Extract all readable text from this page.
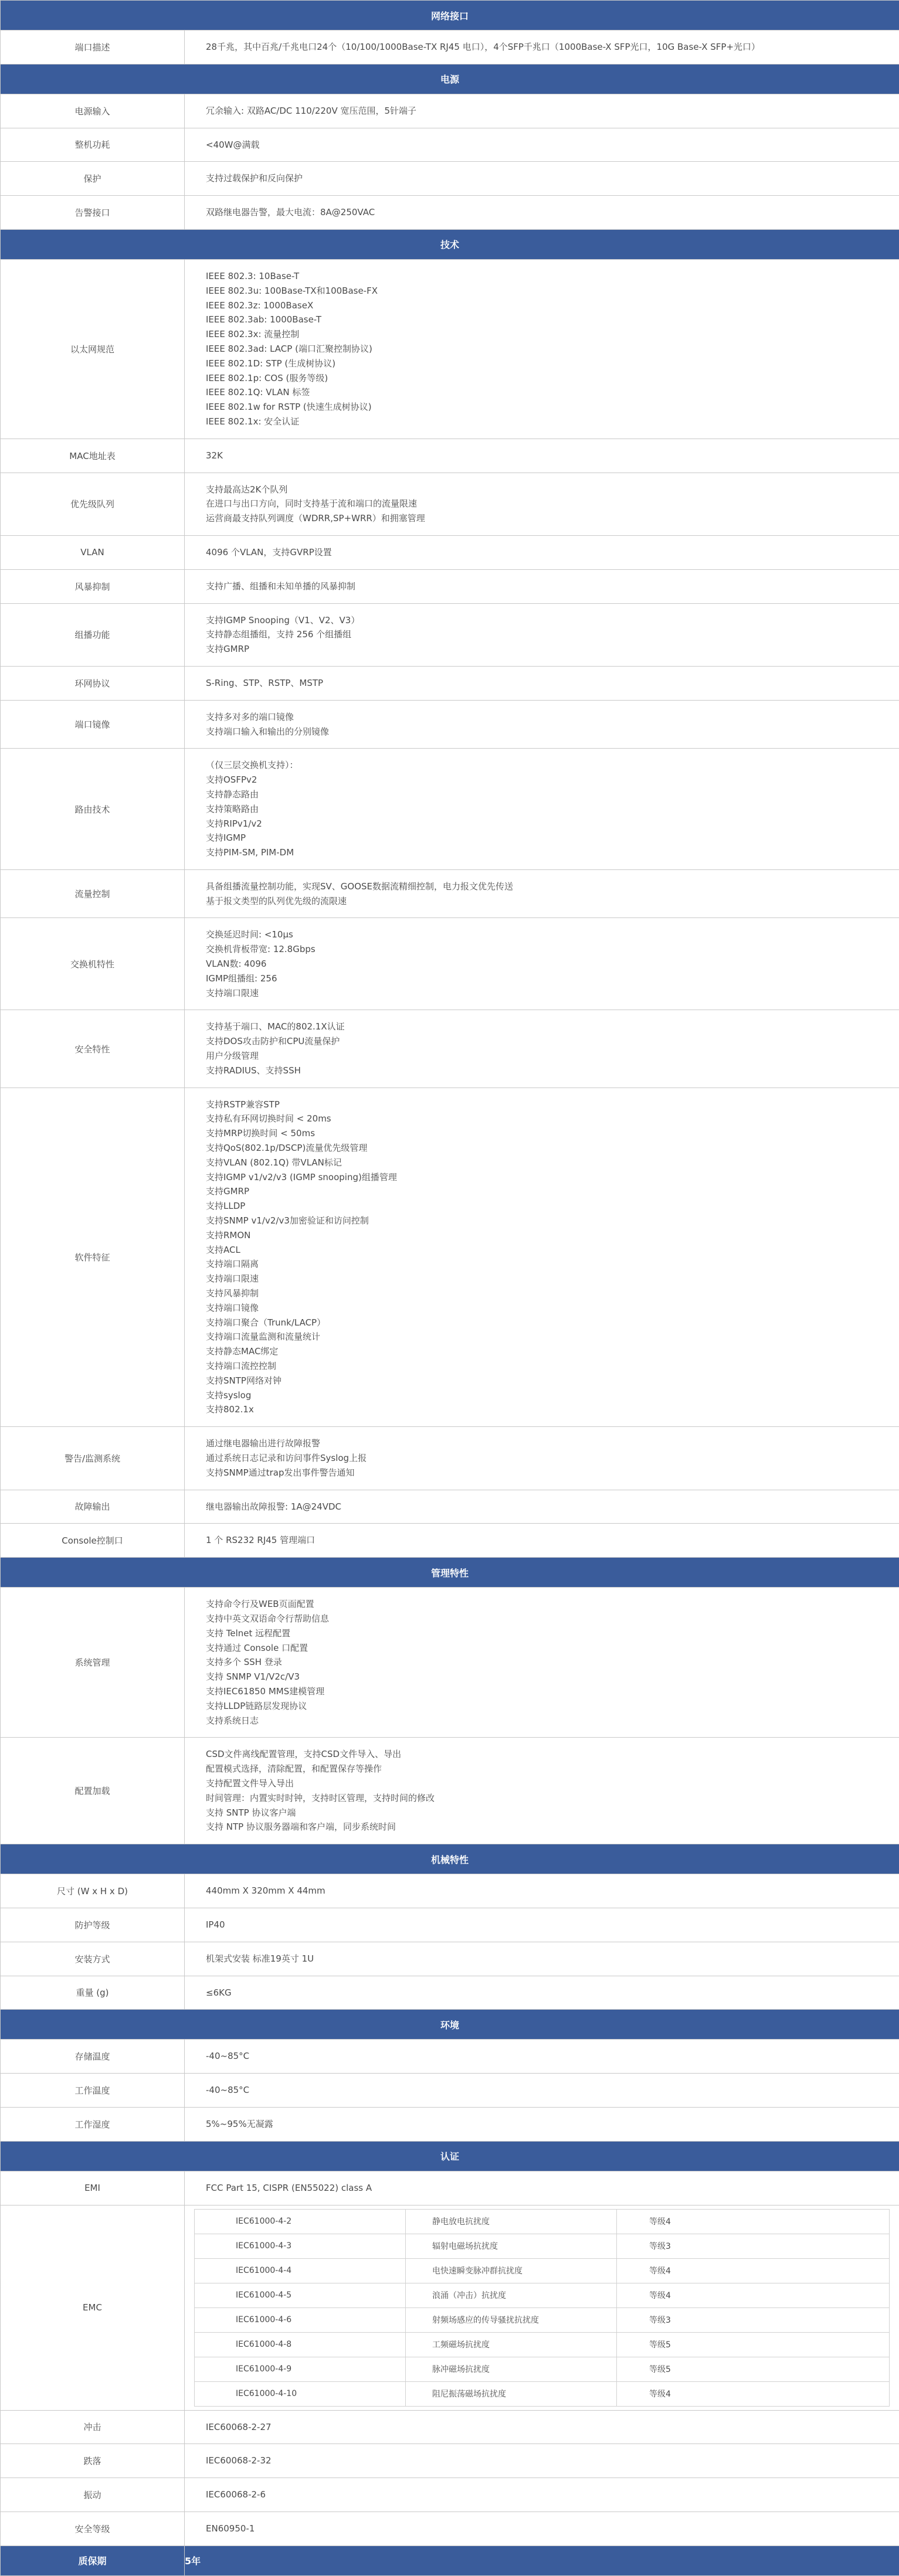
网络接口
端口描述	28千兆，其中百兆/千兆电口24个（10/100/1000Base-TX RJ45 电口），4个SFP千兆口（1000Base-X SFP光口，10G Base-X SFP+光口）

电源
电源输入	冗余输入: 双路AC/DC 110/220V 宽压范围，5针端子

整机功耗	<40W@满载

保护	支持过载保护和反向保护

告警接口	双路继电器告警，最大电流：8A@250VAC

技术
以太网规范	
IEEE 802.3: 10Base-T
IEEE 802.3u: 100Base-TX和100Base-FX
IEEE 802.3z: 1000BaseX
IEEE 802.3ab: 1000Base-T
IEEE 802.3x: 流量控制
IEEE 802.3ad: LACP (端口汇聚控制协议)
IEEE 802.1D: STP (生成树协议)
IEEE 802.1p: COS (服务等级)
IEEE 802.1Q: VLAN 标签
IEEE 802.1w for RSTP (快速生成树协议)
IEEE 802.1x: 安全认证

MAC地址表	32K

优先级队列	
支持最高达2K个队列
在进口与出口方向，同时支持基于流和端口的流量限速
运营商最支持队列调度（WDRR,SP+WRR）和拥塞管理

VLAN	4096 个VLAN，支持GVRP设置

风暴抑制	支持广播、组播和未知单播的风暴抑制

组播功能	
支持IGMP Snooping（V1、V2、V3）
支持静态组播组，支持 256 个组播组
支持GMRP

环网协议	S-Ring、STP、RSTP、MSTP

端口镜像	
支持多对多的端口镜像
支持端口输入和输出的分别镜像

路由技术	
（仅三层交换机支持）：
支持OSFPv2
支持静态路由
支持策略路由
支持RIPv1/v2
支持IGMP
支持PIM-SM, PIM-DM

流量控制	
具备组播流量控制功能，实现SV、GOOSE数据流精细控制，电力报文优先传送
基于报文类型的队列优先级的流限速

交换机特性	
交换延迟时间: <10μs
交换机背板带宽: 12.8Gbps
VLAN数: 4096
IGMP组播组: 256
支持端口限速

安全特性	
支持基于端口、MAC的802.1X认证
支持DOS攻击防护和CPU流量保护
用户分级管理
支持RADIUS、支持SSH

软件特征	
支持RSTP兼容STP
支持私有环网切换时间 < 20ms
支持MRP切换时间 < 50ms
支持QoS(802.1p/DSCP)流量优先级管理
支持VLAN (802.1Q) 带VLAN标记
支持IGMP v1/v2/v3 (IGMP snooping)组播管理
支持GMRP
支持LLDP
支持SNMP v1/v2/v3加密验证和访问控制
支持RMON
支持ACL
支持端口隔离
支持端口限速
支持风暴抑制
支持端口镜像
支持端口聚合（Trunk/LACP）
支持端口流量监测和流量统计
支持静态MAC绑定
支持端口流控控制
支持SNTP网络对钟
支持syslog
支持802.1x

警告/监测系统	
通过继电器输出进行故障报警
通过系统日志记录和访问事件Syslog上报
支持SNMP通过trap发出事件警告通知

故障输出	继电器输出故障报警: 1A@24VDC

Console控制口	1 个 RS232 RJ45 管理端口

管理特性
系统管理	
支持命令行及WEB页面配置
支持中英文双语命令行帮助信息
支持 Telnet 远程配置
支持通过 Console 口配置
支持多个 SSH 登录
支持 SNMP V1/V2c/V3
支持IEC61850 MMS建模管理
支持LLDP链路层发现协议
支持系统日志

配置加载	
CSD文件离线配置管理，支持CSD文件导入、导出
配置模式选择，清除配置，和配置保存等操作
支持配置文件导入导出
时间管理：内置实时时钟，支持时区管理，支持时间的修改
支持 SNTP 协议客户端
支持 NTP 协议服务器端和客户端，同步系统时间

机械特性
尺寸 (W x H x D)	440mm X 320mm X 44mm

防护等级	IP40

安装方式	机架式安装 标准19英寸 1U

重量 (g)	≤6KG

环境
存储温度	-40~85°C

工作温度	-40~85°C

工作湿度	5%~95%无凝露

认证
EMI	FCC Part 15, CISPR (EN55022) class A

EMC	
IEC61000-4-2	静电放电抗扰度	等级4
IEC61000-4-3	辐射电磁场抗扰度	等级3
IEC61000-4-4	电快速瞬变脉冲群抗扰度	等级4
IEC61000-4-5	浪涌（冲击）抗扰度	等级4
IEC61000-4-6	射频场感应的传导骚扰抗扰度	等级3
IEC61000-4-8	工频磁场抗扰度	等级5
IEC61000-4-9	脉冲磁场抗扰度	等级5
IEC61000-4-10	阻尼振荡磁场抗扰度	等级4

冲击	IEC60068-2-27

跌落	IEC60068-2-32

振动	IEC60068-2-6

安全等级	EN60950-1

质保期	5年
